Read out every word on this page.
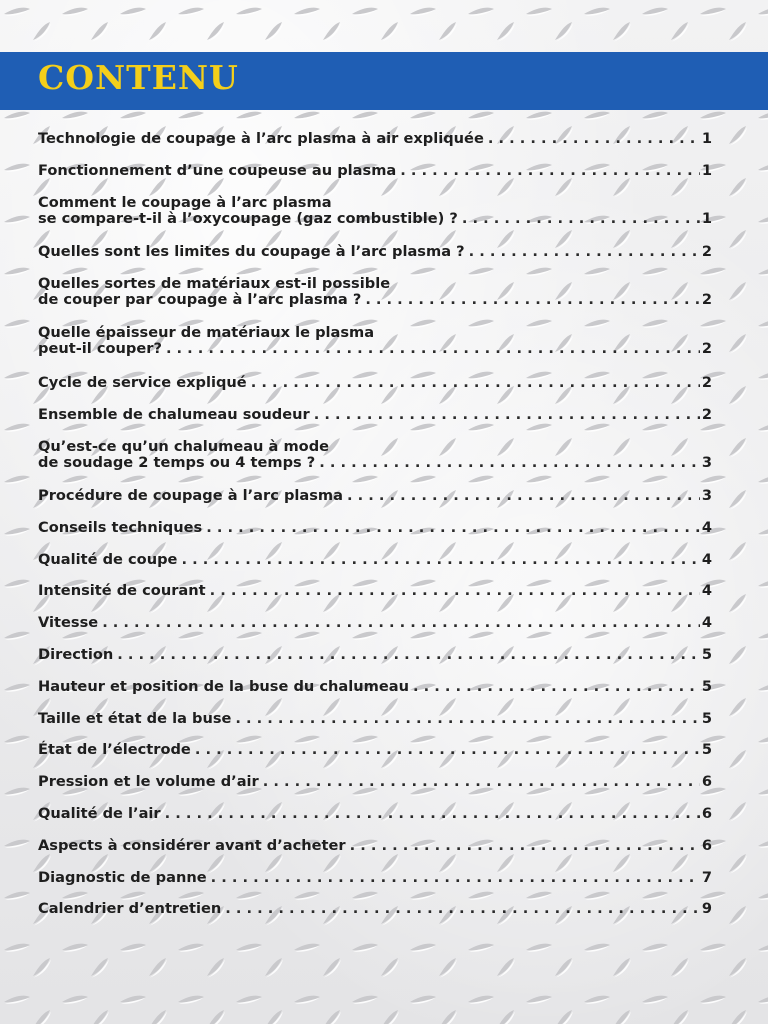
CONTENU
Technologie de coupage à l’arc plasma à air expliquée . . .	1
Fonctionnement d’une coupeuse au plasma . . .	1
Comment le coupage à l’arc plasma
se compare-t-il à l’oxycoupage (gaz combustible) ? . . .	1
Quelles sont les limites du coupage à l’arc plasma ? . . .	2
Quelles sortes de matériaux est-il possible
de couper par coupage à l’arc plasma ? . . .	2
Quelle épaisseur de matériaux le plasma
peut-il couper? . . .	2
Cycle de service expliqué . . .	2
Ensemble de chalumeau soudeur . . .	2
Qu’est-ce qu’un chalumeau à mode
de soudage 2 temps ou 4 temps ? . . .	3
Procédure de coupage à l’arc plasma . . .	3
Conseils techniques . . .	4
Qualité de coupe . . .	4
Intensité de courant . . .	4
Vitesse . . .	4
Direction . . .	5
Hauteur et position de la buse du chalumeau . . .	5
Taille et état de la buse . . .	5
État de l’électrode . . .	5
Pression et le volume d’air . . .	6
Qualité de l’air . . .	6
Aspects à considérer avant d’acheter . . .	6
Diagnostic de panne . . .	7
Calendrier d’entretien . . .	9
